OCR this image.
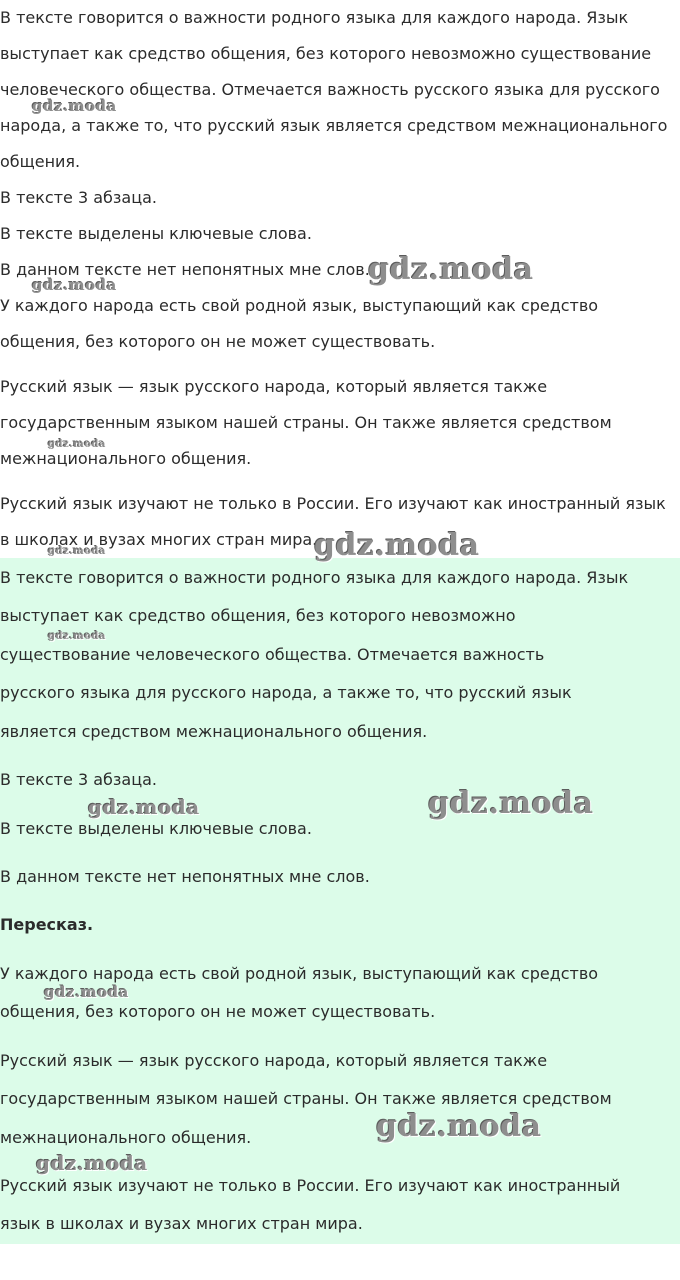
В тексте говорится о важности родного языка для каждого народа. Язык
выступает как средство общения, без которого невозможно существование
человеческого общества. Отмечается важность русского языка для русского
народа, а также то, что русский язык является средством межнационального
общения.
В тексте 3 абзаца.
В тексте выделены ключевые слова.
В данном тексте нет непонятных мне слов.
У каждого народа есть свой родной язык, выступающий как средство
общения, без которого он не может существовать.
Русский язык — язык русского народа, который является также
государственным языком нашей страны. Он также является средством
межнационального общения.
Русский язык изучают не только в России. Его изучают как иностранный язык
в школах и вузах многих стран мира.
В тексте говорится о важности родного языка для каждого народа. Язык
выступает как средство общения, без которого невозможно
существование человеческого общества. Отмечается важность
русского языка для русского народа, а также то, что русский язык
является средством межнационального общения.
В тексте 3 абзаца.
В тексте выделены ключевые слова.
В данном тексте нет непонятных мне слов.
Пересказ.
У каждого народа есть свой родной язык, выступающий как средство
общения, без которого он не может существовать.
Русский язык — язык русского народа, который является также
государственным языком нашей страны. Он также является средством
межнационального общения.
Русский язык изучают не только в России. Его изучают как иностранный
язык в школах и вузах многих стран мира.
gdz.moda
gdz.moda
gdz.moda
gdz.moda
gdz.moda
gdz.moda
gdz.moda
gdz.moda
gdz.moda
gdz.moda
gdz.moda
gdz.moda
